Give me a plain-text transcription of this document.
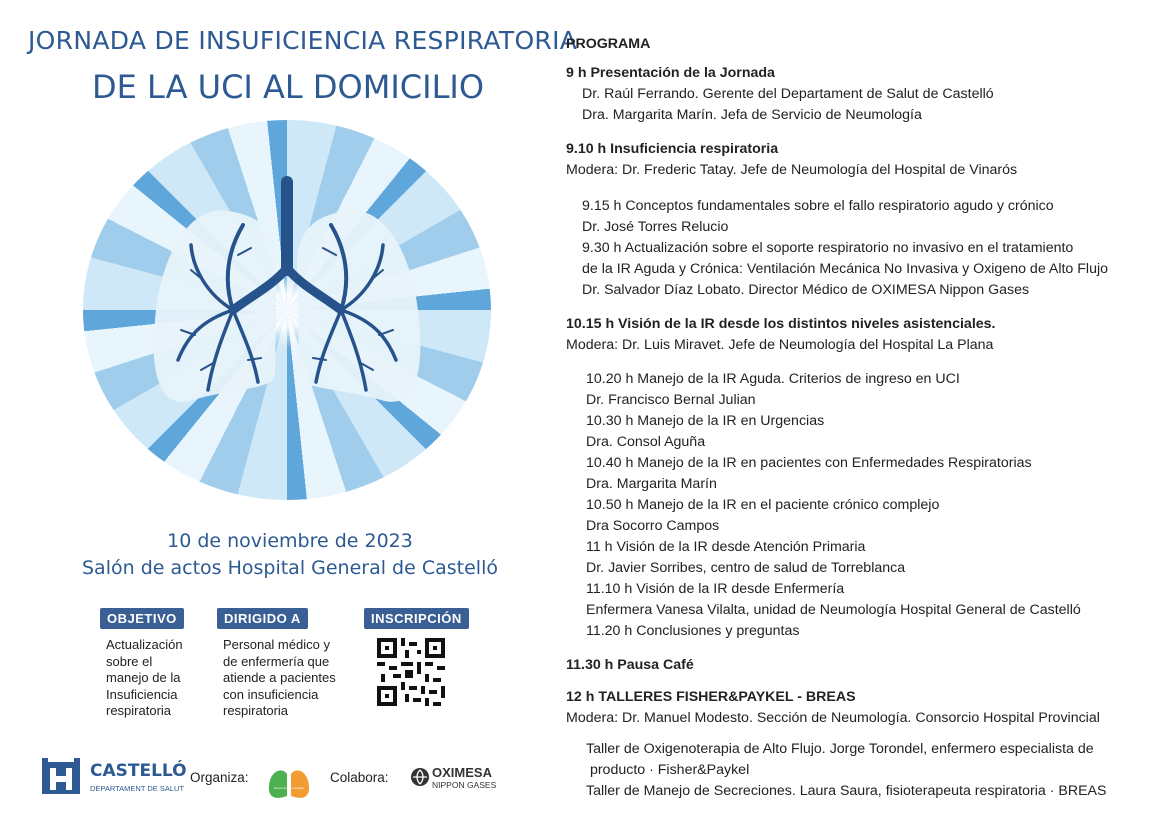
JORNADA DE INSUFICIENCIA RESPIRATORIA
DE LA UCI AL DOMICILIO
10 de noviembre de 2023
Salón de actos Hospital General de Castelló
OBJETIVO
Actualización
sobre el
manejo de la
Insuficiencia
respiratoria
DIRIGIDO A
Personal médico y
de enfermería que
atiende a pacientes
con insuficiencia
respiratoria
INSCRIPCIÓN
CASTELLÓ
DEPARTAMENT DE SALUT
Organiza:
Servei de Neumologia
Colabora:	OXIMESA
NIPPON GASES
PROGRAMA
9 h Presentación de la Jornada
Dr. Raúl Ferrando. Gerente del Departament de Salut de Castelló
Dra. Margarita Marín. Jefa de Servicio de Neumología
9.10 h Insuficiencia respiratoria
Modera: Dr. Frederic Tatay. Jefe de Neumología del Hospital de Vinarós
9.15 h Conceptos fundamentales sobre el fallo respiratorio agudo y crónico
Dr. José Torres Relucio
9.30 h Actualización sobre el soporte respiratorio no invasivo en el tratamiento
de la IR Aguda y Crónica: Ventilación Mecánica No Invasiva y Oxigeno de Alto Flujo
Dr. Salvador Díaz Lobato. Director Médico de OXIMESA Nippon Gases
10.15 h Visión de la IR desde los distintos niveles asistenciales.
Modera: Dr. Luis Miravet. Jefe de Neumología del Hospital La Plana
10.20 h Manejo de la IR Aguda. Criterios de ingreso en UCI
Dr. Francisco Bernal Julian
10.30 h Manejo de la IR en Urgencias
Dra. Consol Aguña
10.40 h Manejo de la IR en pacientes con Enfermedades Respiratorias
Dra. Margarita Marín
10.50 h Manejo de la IR en el paciente crónico complejo
Dra Socorro Campos
11 h Visión de la IR desde Atención Primaria
Dr. Javier Sorribes, centro de salud de Torreblanca
11.10 h Visión de la IR desde Enfermería
Enfermera Vanesa Vilalta, unidad de Neumología Hospital General de Castelló
11.20 h Conclusiones y preguntas
11.30 h Pausa Café
12 h TALLERES FISHER&PAYKEL - BREAS
Modera: Dr. Manuel Modesto. Sección de Neumología. Consorcio Hospital Provincial
Taller de Oxigenoterapia de Alto Flujo. Jorge Torondel, enfermero especialista de
producto · Fisher&Paykel
Taller de Manejo de Secreciones. Laura Saura, fisioterapeuta respiratoria · BREAS
